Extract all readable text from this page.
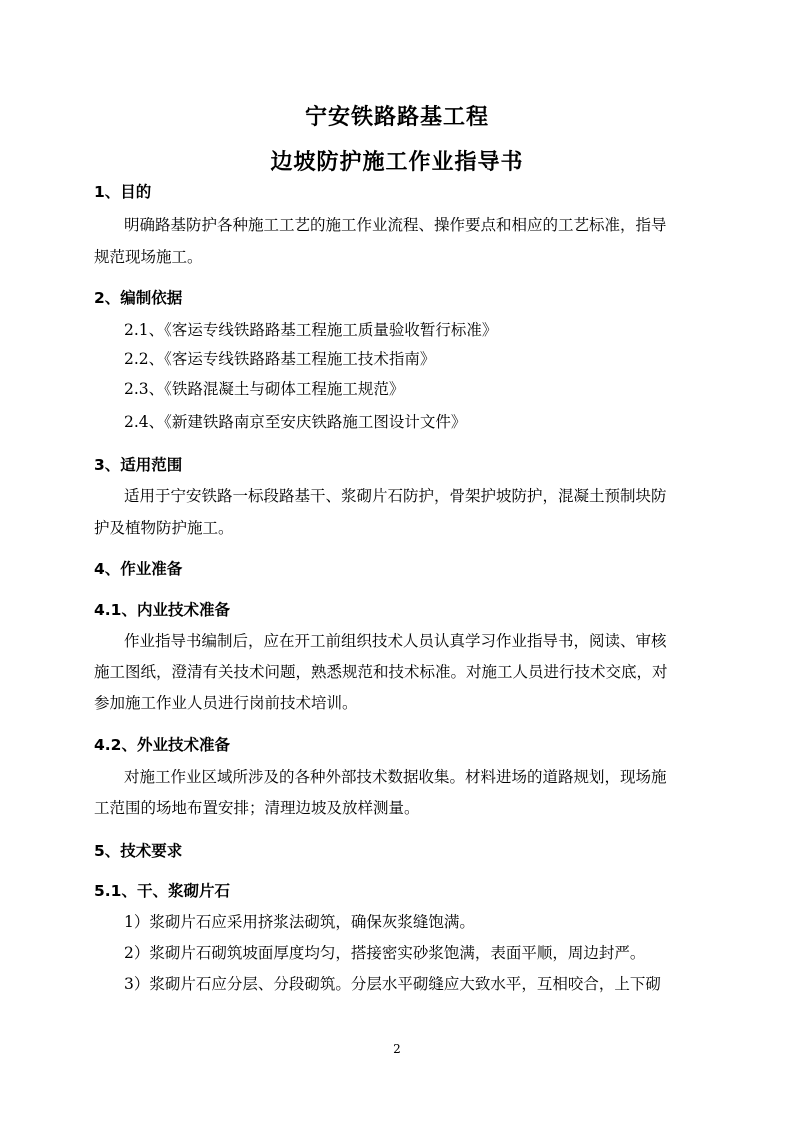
宁安铁路路基工程
边坡防护施工作业指导书
1、目的
明确路基防护各种施工工艺的施工作业流程、操作要点和相应的工艺标准，指导
规范现场施工。
2、编制依据
2.1、《客运专线铁路路基工程施工质量验收暂行标准》
2.2、《客运专线铁路路基工程施工技术指南》
2.3、《铁路混凝土与砌体工程施工规范》
2.4、《新建铁路南京至安庆铁路施工图设计文件》
3、适用范围
适用于宁安铁路一标段路基干、浆砌片石防护，骨架护坡防护，混凝土预制块防
护及植物防护施工。
4、作业准备
4.1、内业技术准备
作业指导书编制后，应在开工前组织技术人员认真学习作业指导书，阅读、审核
施工图纸，澄清有关技术问题，熟悉规范和技术标准。对施工人员进行技术交底，对
参加施工作业人员进行岗前技术培训。
4.2、外业技术准备
对施工作业区域所涉及的各种外部技术数据收集。材料进场的道路规划，现场施
工范围的场地布置安排；清理边坡及放样测量。
5、技术要求
5.1、干、浆砌片石
1）浆砌片石应采用挤浆法砌筑，确保灰浆缝饱满。
2）浆砌片石砌筑坡面厚度均匀，搭接密实砂浆饱满，表面平顺，周边封严。
3）浆砌片石应分层、分段砌筑。分层水平砌缝应大致水平，互相咬合，上下砌
2
